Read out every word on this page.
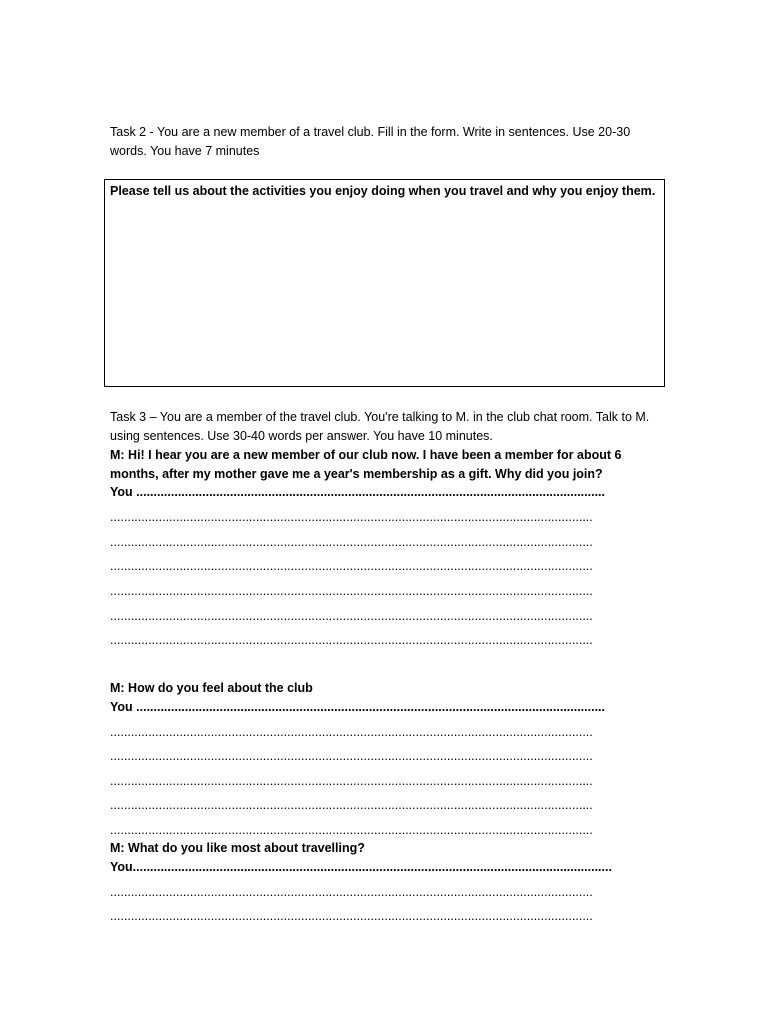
Task 2 - You are a new member of a travel club. Fill in the form. Write in sentences. Use 20-30 words. You have 7 minutes
Please tell us about the activities you enjoy doing when you travel and why you enjoy them.
Task 3 – You are a member of the travel club. You're talking to M. in the club chat room. Talk to M. using sentences. Use 30-40 words per answer. You have 10 minutes.
M: Hi! I hear you are a new member of our club now. I have been a member for about 6 months, after my mother gave me a year's membership as a gift. Why did you join?
You .......................................................................................................................................
...........................................................................................................................................
...........................................................................................................................................
...........................................................................................................................................
...........................................................................................................................................
...........................................................................................................................................
...........................................................................................................................................
M: How do you feel about the club
You .......................................................................................................................................
...........................................................................................................................................
...........................................................................................................................................
...........................................................................................................................................
...........................................................................................................................................
...........................................................................................................................................
M: What do you like most about travelling?
You..........................................................................................................................................
...........................................................................................................................................
...........................................................................................................................................
